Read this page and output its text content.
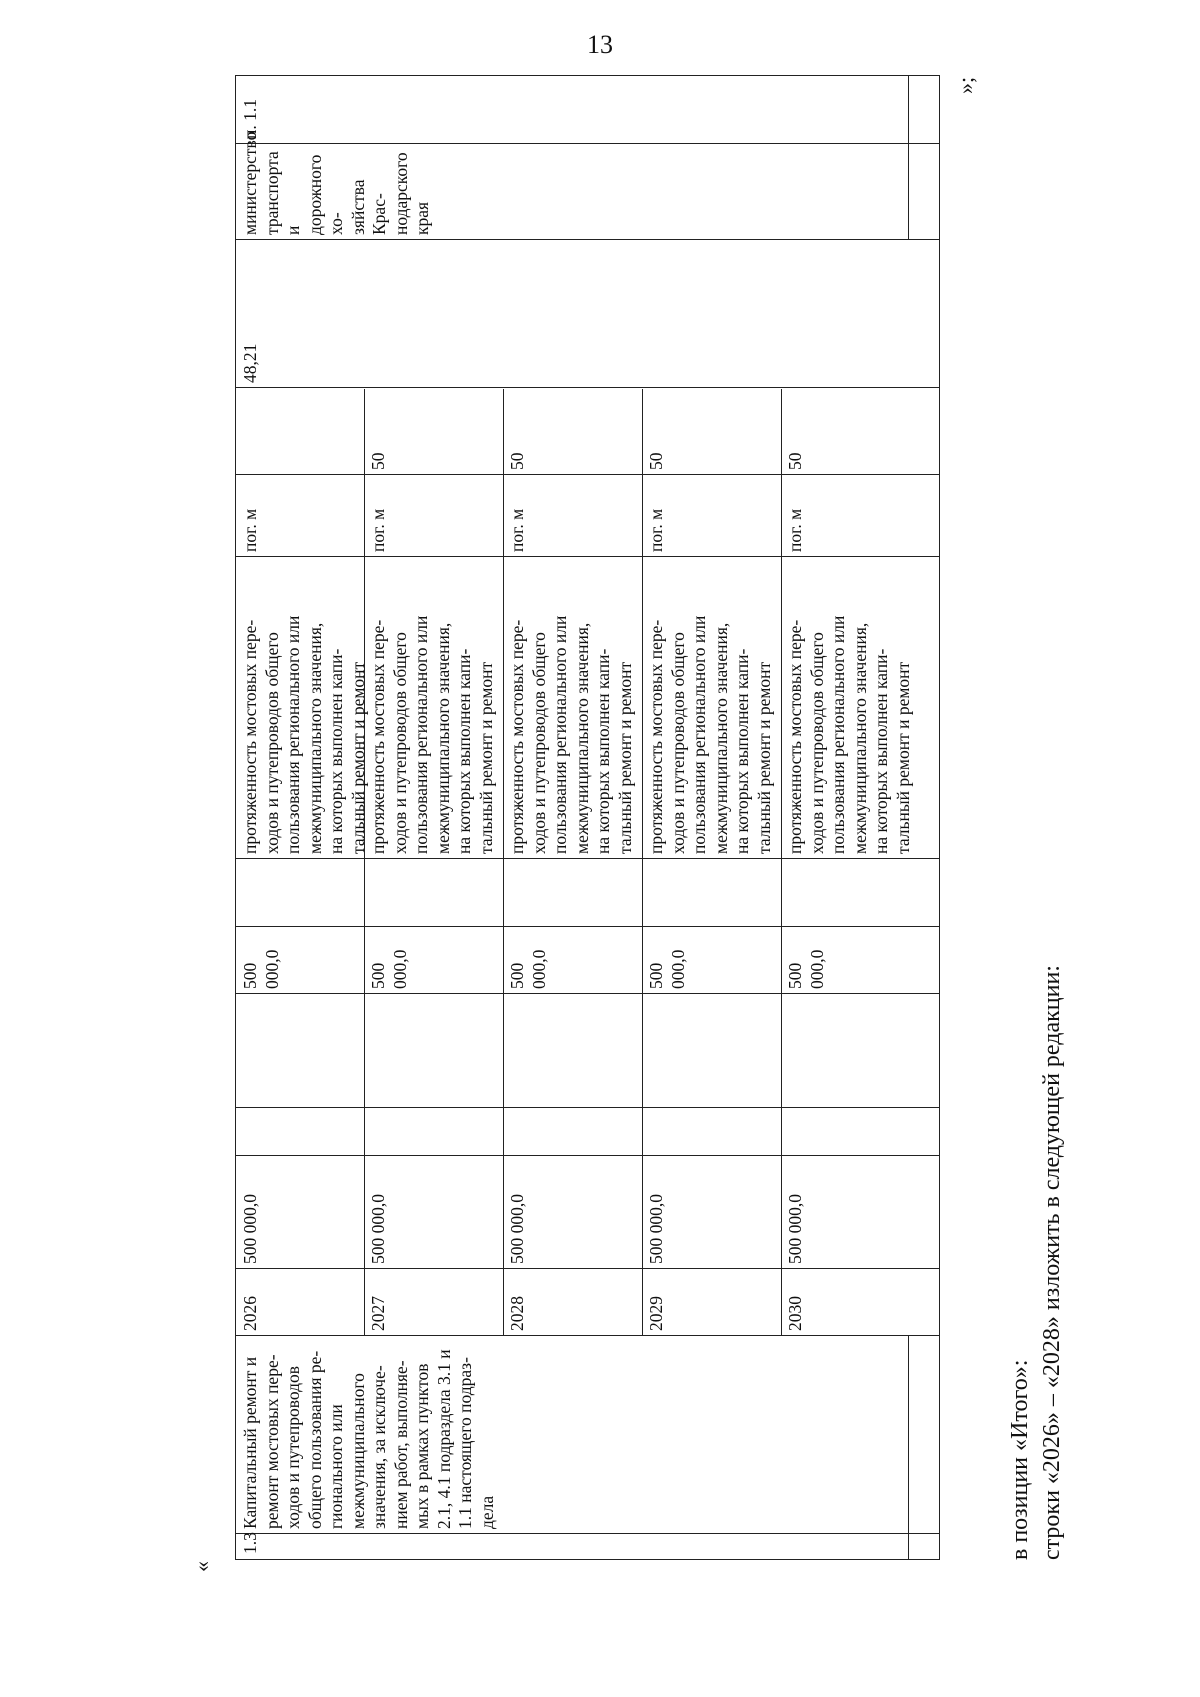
13
«
1.3
Капитальный ремонт и
ремонт мостовых пере-
ходов и путепроводов
общего пользования ре-
гионального или
межмуниципального
значения, за исключе-
нием работ, выполняе-
мых в рамках пунктов
2.1, 4.1 подраздела 3.1 и
1.1 настоящего подраз-
дела
48,21
министерство
транспорта и
дорожного хо-
зяйства Крас-
нодарского
края
п. 1.1
2026
500 000,0
500 000,0
протяженность мостовых пере-
ходов и путепроводов общего
пользования регионального или
межмуниципального значения,
на которых выполнен капи-
тальный ремонт и ремонт
пог. м
2027
500 000,0
500 000,0
протяженность мостовых пере-
ходов и путепроводов общего
пользования регионального или
межмуниципального значения,
на которых выполнен капи-
тальный ремонт и ремонт
пог. м
50
2028
500 000,0
500 000,0
протяженность мостовых пере-
ходов и путепроводов общего
пользования регионального или
межмуниципального значения,
на которых выполнен капи-
тальный ремонт и ремонт
пог. м
50
2029
500 000,0
500 000,0
протяженность мостовых пере-
ходов и путепроводов общего
пользования регионального или
межмуниципального значения,
на которых выполнен капи-
тальный ремонт и ремонт
пог. м
50
2030
500 000,0
500 000,0
протяженность мостовых пере-
ходов и путепроводов общего
пользования регионального или
межмуниципального значения,
на которых выполнен капи-
тальный ремонт и ремонт
пог. м
50
»;
в позиции «Итого»: строки «2026» – «2028» изложить в следующей редакции:
